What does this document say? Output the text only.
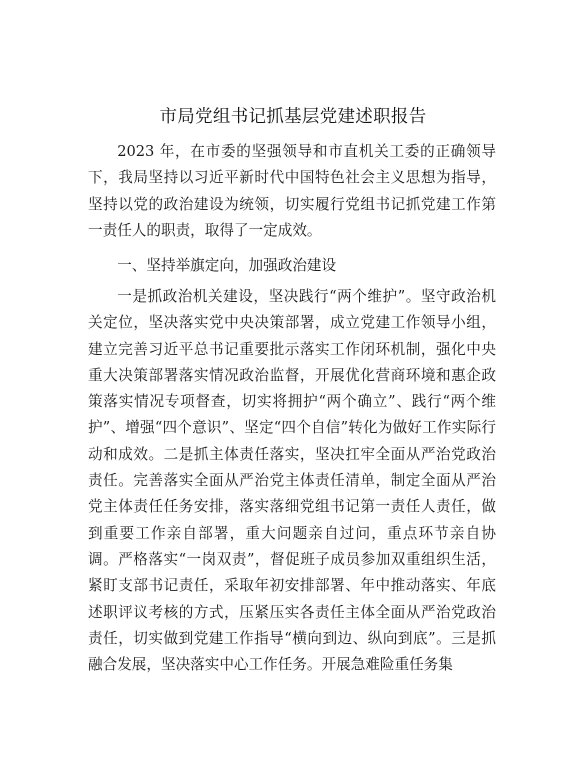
市局党组书记抓基层党建述职报告

2023 年，在市委的坚强领导和市直机关工委的正确领导下，我局坚持以习近平新时代中国特色社会主义思想为指导，坚持以党的政治建设为统领，切实履行党组书记抓党建工作第一责任人的职责，取得了一定成效。

一、坚持举旗定向，加强政治建设

一是抓政治机关建设，坚决践行“两个维护”。坚守政治机关定位，坚决落实党中央决策部署，成立党建工作领导小组，建立完善习近平总书记重要批示落实工作闭环机制，强化中央重大决策部署落实情况政治监督，开展优化营商环境和惠企政策落实情况专项督查，切实将拥护“两个确立”、践行“两个维护”、增强“四个意识”、坚定“四个自信”转化为做好工作实际行动和成效。二是抓主体责任落实，坚决扛牢全面从严治党政治责任。完善落实全面从严治党主体责任清单，制定全面从严治党主体责任任务安排，落实落细党组书记第一责任人责任，做到重要工作亲自部署，重大问题亲自过问，重点环节亲自协调。严格落实“一岗双责”，督促班子成员参加双重组织生活，紧盯支部书记责任，采取年初安排部署、年中推动落实、年底述职评议考核的方式，压紧压实各责任主体全面从严治党政治责任，切实做到党建工作指导“横向到边、纵向到底”。三是抓融合发展，坚决落实中心工作任务。开展急难险重任务集
